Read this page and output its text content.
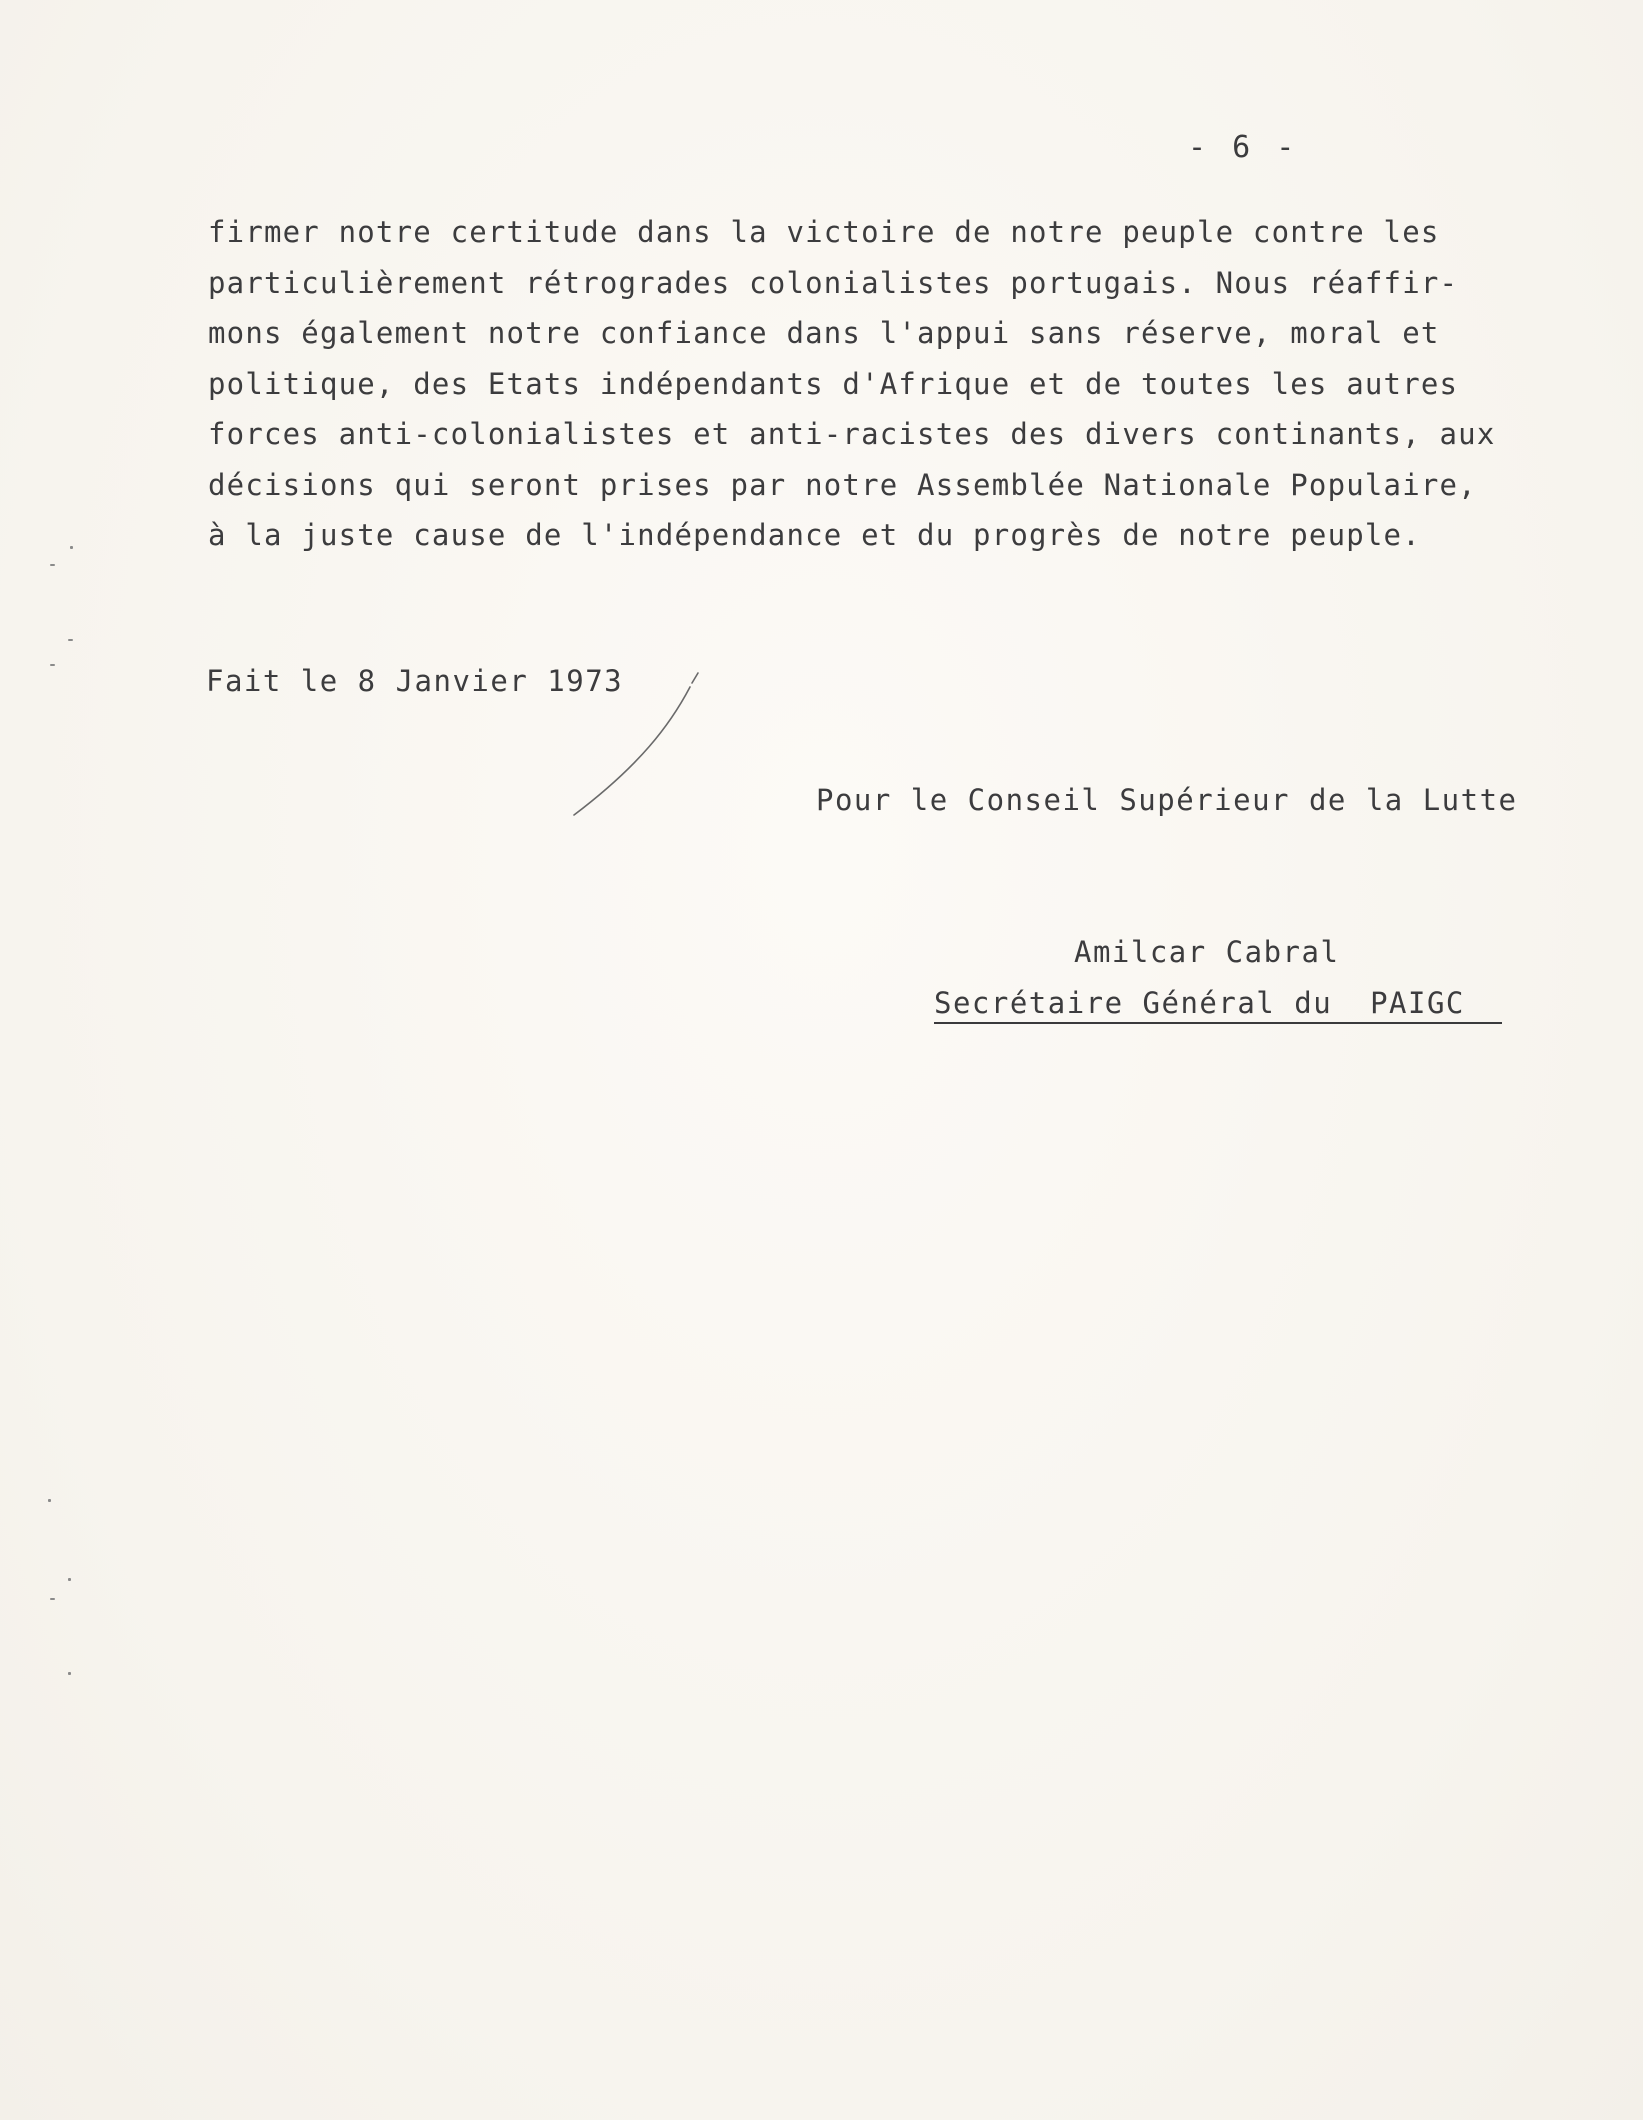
- 6 -
firmer notre certitude dans la victoire de notre peuple contre les
particulièrement rétrogrades colonialistes portugais. Nous réaffir-
mons également notre confiance dans l'appui sans réserve, moral et
politique, des Etats indépendants d'Afrique et de toutes les autres
forces anti-colonialistes et anti-racistes des divers continants, aux
décisions qui seront prises par notre Assemblée Nationale Populaire,
à la juste cause de l'indépendance et du progrès de notre peuple.
Fait le 8 Janvier 1973
Pour le Conseil Supérieur de la Lutte
Amilcar Cabral
Secrétaire Général du  PAIGC
